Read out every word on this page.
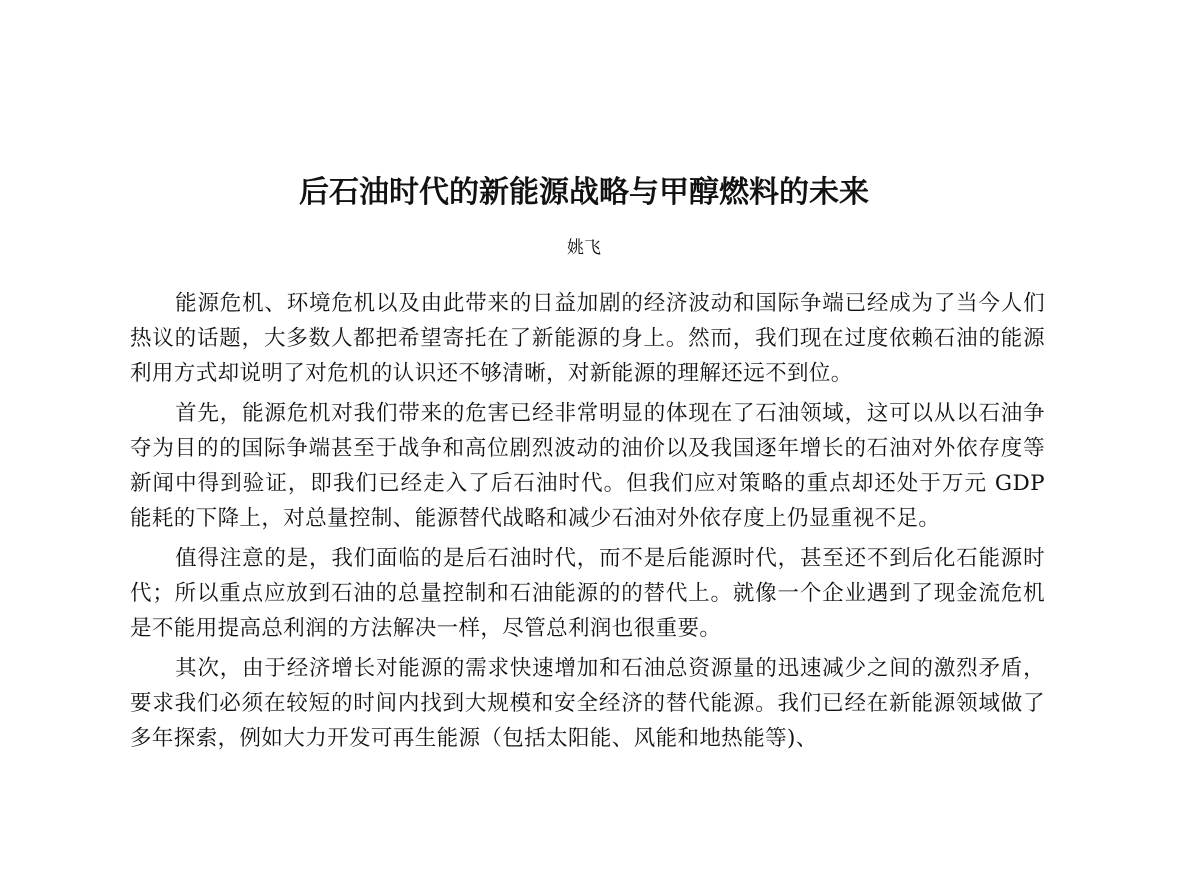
后石油时代的新能源战略与甲醇燃料的未来
姚飞

能源危机、环境危机以及由此带来的日益加剧的经济波动和国际争端已经成为了当今人们热议的话题，大多数人都把希望寄托在了新能源的身上。然而，我们现在过度依赖石油的能源利用方式却说明了对危机的认识还不够清晰，对新能源的理解还远不到位。

首先，能源危机对我们带来的危害已经非常明显的体现在了石油领域，这可以从以石油争夺为目的的国际争端甚至于战争和高位剧烈波动的油价以及我国逐年增长的石油对外依存度等新闻中得到验证，即我们已经走入了后石油时代。但我们应对策略的重点却还处于万元 GDP 能耗的下降上，对总量控制、能源替代战略和减少石油对外依存度上仍显重视不足。

值得注意的是，我们面临的是后石油时代，而不是后能源时代，甚至还不到后化石能源时代；所以重点应放到石油的总量控制和石油能源的的替代上。就像一个企业遇到了现金流危机是不能用提高总利润的方法解决一样，尽管总利润也很重要。

其次，由于经济增长对能源的需求快速增加和石油总资源量的迅速减少之间的激烈矛盾，要求我们必须在较短的时间内找到大规模和安全经济的替代能源。我们已经在新能源领域做了多年探索，例如大力开发可再生能源（包括太阳能、风能和地热能等)、
